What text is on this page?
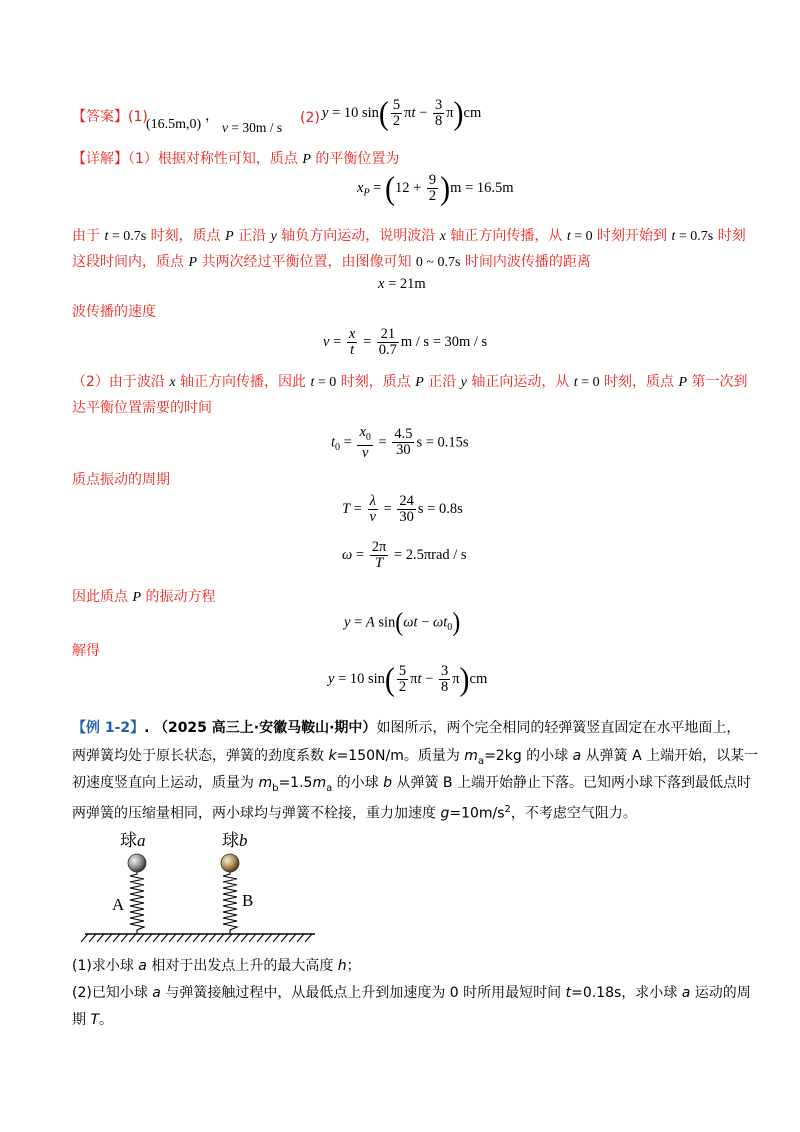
【答案】(1)
(16.5m,0)
，
v = 30m / s
(2) y = 10 $\sin( \frac{5}{2}$ $\pi t - \frac{3}{8} \pi)cm$
【详解】（1）根据对称性可知，质点 P 的平衡位置为
$x_P = (12 + \frac{9}{2} )m = 16.5m$
由于 t = 0.7s 时刻，质点 P 正沿 y 轴负方向运动，说明波沿 x 轴正方向传播，从 t = 0 时刻开始到 t = 0.7s 时刻
这段时间内，质点 P 共两次经过平衡位置，由图像可知 0 ~ 0.7s 时间内波传播的距离
x = 21m
波传播的速度
$v = \frac{x}{t} = \frac{21}{0.7}$ m / s = 30m / s
（2）由于波沿 x 轴正方向传播，因此 t = 0 时刻，质点 P 正沿 y 轴正向运动，从 t = 0 时刻，质点 P 第一次到
达平衡位置需要的时间
$t_0 = \frac{x_0}{v} = \frac{4.5}{30}$ s = 0.15s
质点振动的周期
$T = \frac{\lambda}{v} = \frac{24}{30}$ s = 0.8s
$\omega = \frac{2\pi}{T} = 2.5\pi rad / s$
因此质点 P 的振动方程
y = A $\sin(\omega t - \omega t_0)$
解得
y = 10 $\sin( \frac{5}{2}$ $\pi t - \frac{3}{8} \pi)cm$
【例 1-2】. （2025 高三上·安徽马鞍山·期中）如图所示，两个完全相同的轻弹簧竖直固定在水平地面上，
两弹簧均处于原长状态，弹簧的劲度系数 k=150N/m。质量为 $m_a=2kg$ 的小球 a 从弹簧 A 上端开始，以某一
初速度竖直向上运动，质量为 $m_b=1.5m_a$ 的小球 b 从弹簧 B 上端开始静止下落。已知两小球下落到最低点时
两弹簧的压缩量相同，两小球均与弹簧不栓接，重力加速度 $g=10m/s^2$，不考虑空气阻力。
球a	球b
A	B
(1)求小球 a 相对于出发点上升的最大高度 h；
(2)已知小球 a 与弹簧接触过程中，从最低点上升到加速度为 0 时所用最短时间 t=0.18s，求小球 a 运动的周
期 T。
